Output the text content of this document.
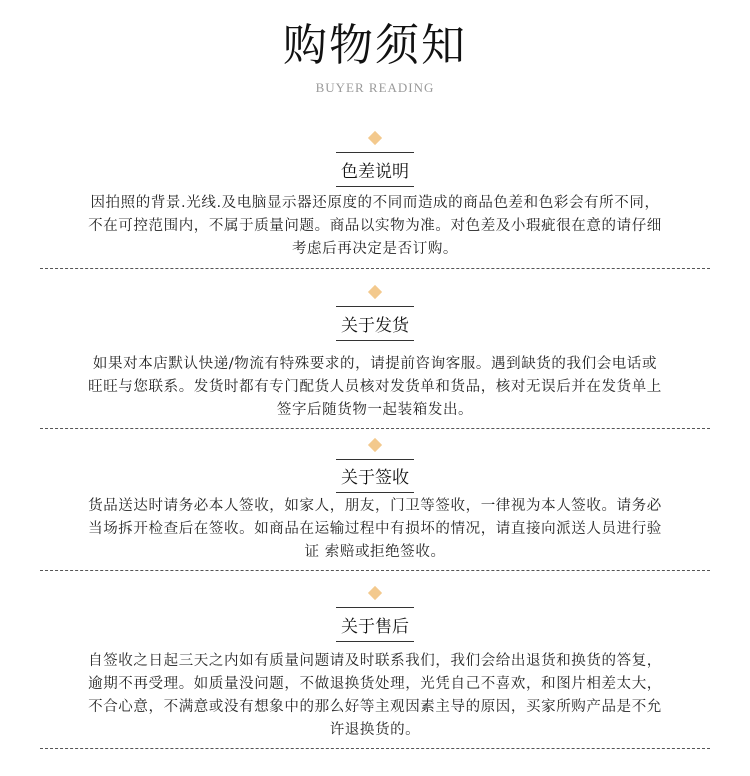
购物须知
BUYER READING
色差说明
因拍照的背景.光线.及电脑显示器还原度的不同而造成的商品色差和色彩会有所不同，
不在可控范围内，不属于质量问题。商品以实物为准。对色差及小瑕疵很在意的请仔细
考虑后再决定是否订购。
关于发货
如果对本店默认快递/物流有特殊要求的，请提前咨询客服。遇到缺货的我们会电话或
旺旺与您联系。发货时都有专门配货人员核对发货单和货品，核对无误后并在发货单上
签字后随货物一起装箱发出。
关于签收
货品送达时请务必本人签收，如家人，朋友，门卫等签收，一律视为本人签收。请务必
当场拆开检查后在签收。如商品在运输过程中有损坏的情况，请直接向派送人员进行验
证 索赔或拒绝签收。
关于售后
自签收之日起三天之内如有质量问题请及时联系我们，我们会给出退货和换货的答复，
逾期不再受理。如质量没问题，不做退换货处理，光凭自己不喜欢，和图片相差太大，
不合心意，不满意或没有想象中的那么好等主观因素主导的原因，买家所购产品是不允
许退换货的。
